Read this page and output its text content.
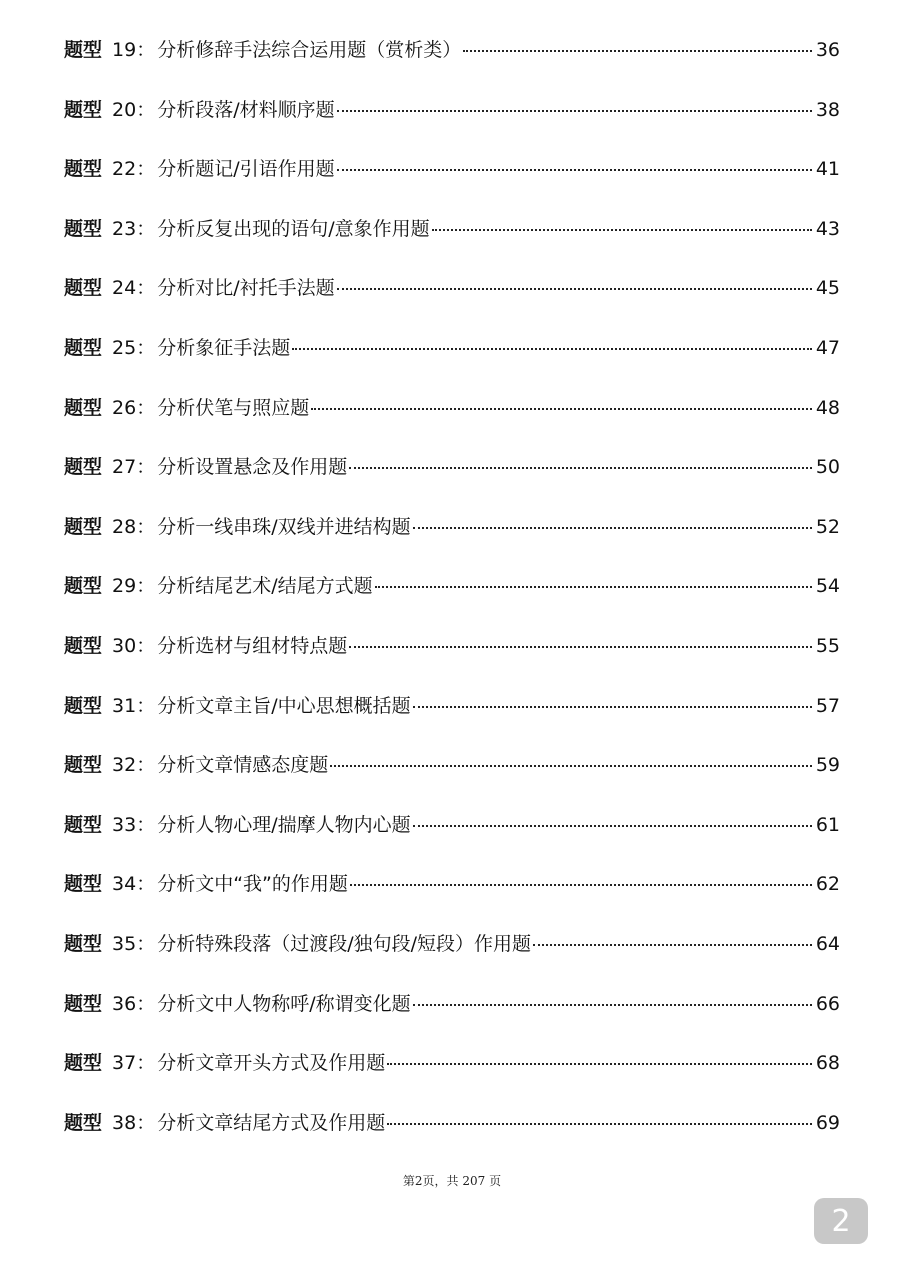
题型 19： 分析修辞手法综合运用题（赏析类）	36
题型 20： 分析段落/材料顺序题	38
题型 22： 分析题记/引语作用题	41
题型 23： 分析反复出现的语句/意象作用题	43
题型 24： 分析对比/衬托手法题	45
题型 25： 分析象征手法题	47
题型 26： 分析伏笔与照应题	48
题型 27： 分析设置悬念及作用题	50
题型 28： 分析一线串珠/双线并进结构题	52
题型 29： 分析结尾艺术/结尾方式题	54
题型 30： 分析选材与组材特点题	55
题型 31： 分析文章主旨/中心思想概括题	57
题型 32： 分析文章情感态度题	59
题型 33： 分析人物心理/揣摩人物内心题	61
题型 34： 分析文中“我”的作用题	62
题型 35： 分析特殊段落（过渡段/独句段/短段）作用题	64
题型 36： 分析文中人物称呼/称谓变化题	66
题型 37： 分析文章开头方式及作用题	68
题型 38： 分析文章结尾方式及作用题	69
第2页，共 207 页
2
